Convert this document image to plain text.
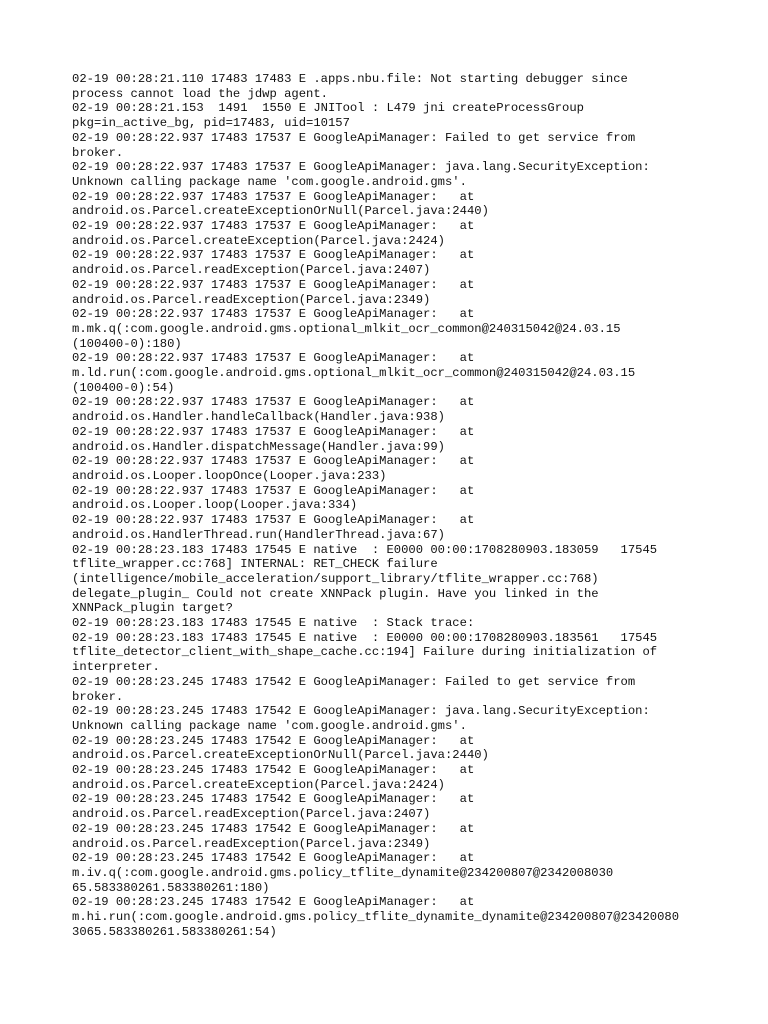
02-19 00:28:21.110 17483 17483 E .apps.nbu.file: Not starting debugger since
process cannot load the jdwp agent.
02-19 00:28:21.153  1491  1550 E JNITool : L479 jni createProcessGroup
pkg=in_active_bg, pid=17483, uid=10157
02-19 00:28:22.937 17483 17537 E GoogleApiManager: Failed to get service from
broker.
02-19 00:28:22.937 17483 17537 E GoogleApiManager: java.lang.SecurityException:
Unknown calling package name 'com.google.android.gms'.
02-19 00:28:22.937 17483 17537 E GoogleApiManager:   at
android.os.Parcel.createExceptionOrNull(Parcel.java:2440)
02-19 00:28:22.937 17483 17537 E GoogleApiManager:   at
android.os.Parcel.createException(Parcel.java:2424)
02-19 00:28:22.937 17483 17537 E GoogleApiManager:   at
android.os.Parcel.readException(Parcel.java:2407)
02-19 00:28:22.937 17483 17537 E GoogleApiManager:   at
android.os.Parcel.readException(Parcel.java:2349)
02-19 00:28:22.937 17483 17537 E GoogleApiManager:   at
m.mk.q(:com.google.android.gms.optional_mlkit_ocr_common@240315042@24.03.15
(100400-0):180)
02-19 00:28:22.937 17483 17537 E GoogleApiManager:   at
m.ld.run(:com.google.android.gms.optional_mlkit_ocr_common@240315042@24.03.15
(100400-0):54)
02-19 00:28:22.937 17483 17537 E GoogleApiManager:   at
android.os.Handler.handleCallback(Handler.java:938)
02-19 00:28:22.937 17483 17537 E GoogleApiManager:   at
android.os.Handler.dispatchMessage(Handler.java:99)
02-19 00:28:22.937 17483 17537 E GoogleApiManager:   at
android.os.Looper.loopOnce(Looper.java:233)
02-19 00:28:22.937 17483 17537 E GoogleApiManager:   at
android.os.Looper.loop(Looper.java:334)
02-19 00:28:22.937 17483 17537 E GoogleApiManager:   at
android.os.HandlerThread.run(HandlerThread.java:67)
02-19 00:28:23.183 17483 17545 E native  : E0000 00:00:1708280903.183059   17545
tflite_wrapper.cc:768] INTERNAL: RET_CHECK failure
(intelligence/mobile_acceleration/support_library/tflite_wrapper.cc:768)
delegate_plugin_ Could not create XNNPack plugin. Have you linked in the
XNNPack_plugin target?
02-19 00:28:23.183 17483 17545 E native  : Stack trace:
02-19 00:28:23.183 17483 17545 E native  : E0000 00:00:1708280903.183561   17545
tflite_detector_client_with_shape_cache.cc:194] Failure during initialization of
interpreter.
02-19 00:28:23.245 17483 17542 E GoogleApiManager: Failed to get service from
broker.
02-19 00:28:23.245 17483 17542 E GoogleApiManager: java.lang.SecurityException:
Unknown calling package name 'com.google.android.gms'.
02-19 00:28:23.245 17483 17542 E GoogleApiManager:   at
android.os.Parcel.createExceptionOrNull(Parcel.java:2440)
02-19 00:28:23.245 17483 17542 E GoogleApiManager:   at
android.os.Parcel.createException(Parcel.java:2424)
02-19 00:28:23.245 17483 17542 E GoogleApiManager:   at
android.os.Parcel.readException(Parcel.java:2407)
02-19 00:28:23.245 17483 17542 E GoogleApiManager:   at
android.os.Parcel.readException(Parcel.java:2349)
02-19 00:28:23.245 17483 17542 E GoogleApiManager:   at
m.iv.q(:com.google.android.gms.policy_tflite_dynamite@234200807@2342008030
65.583380261.583380261:180)
02-19 00:28:23.245 17483 17542 E GoogleApiManager:   at
m.hi.run(:com.google.android.gms.policy_tflite_dynamite_dynamite@234200807@23420080
3065.583380261.583380261:54)
